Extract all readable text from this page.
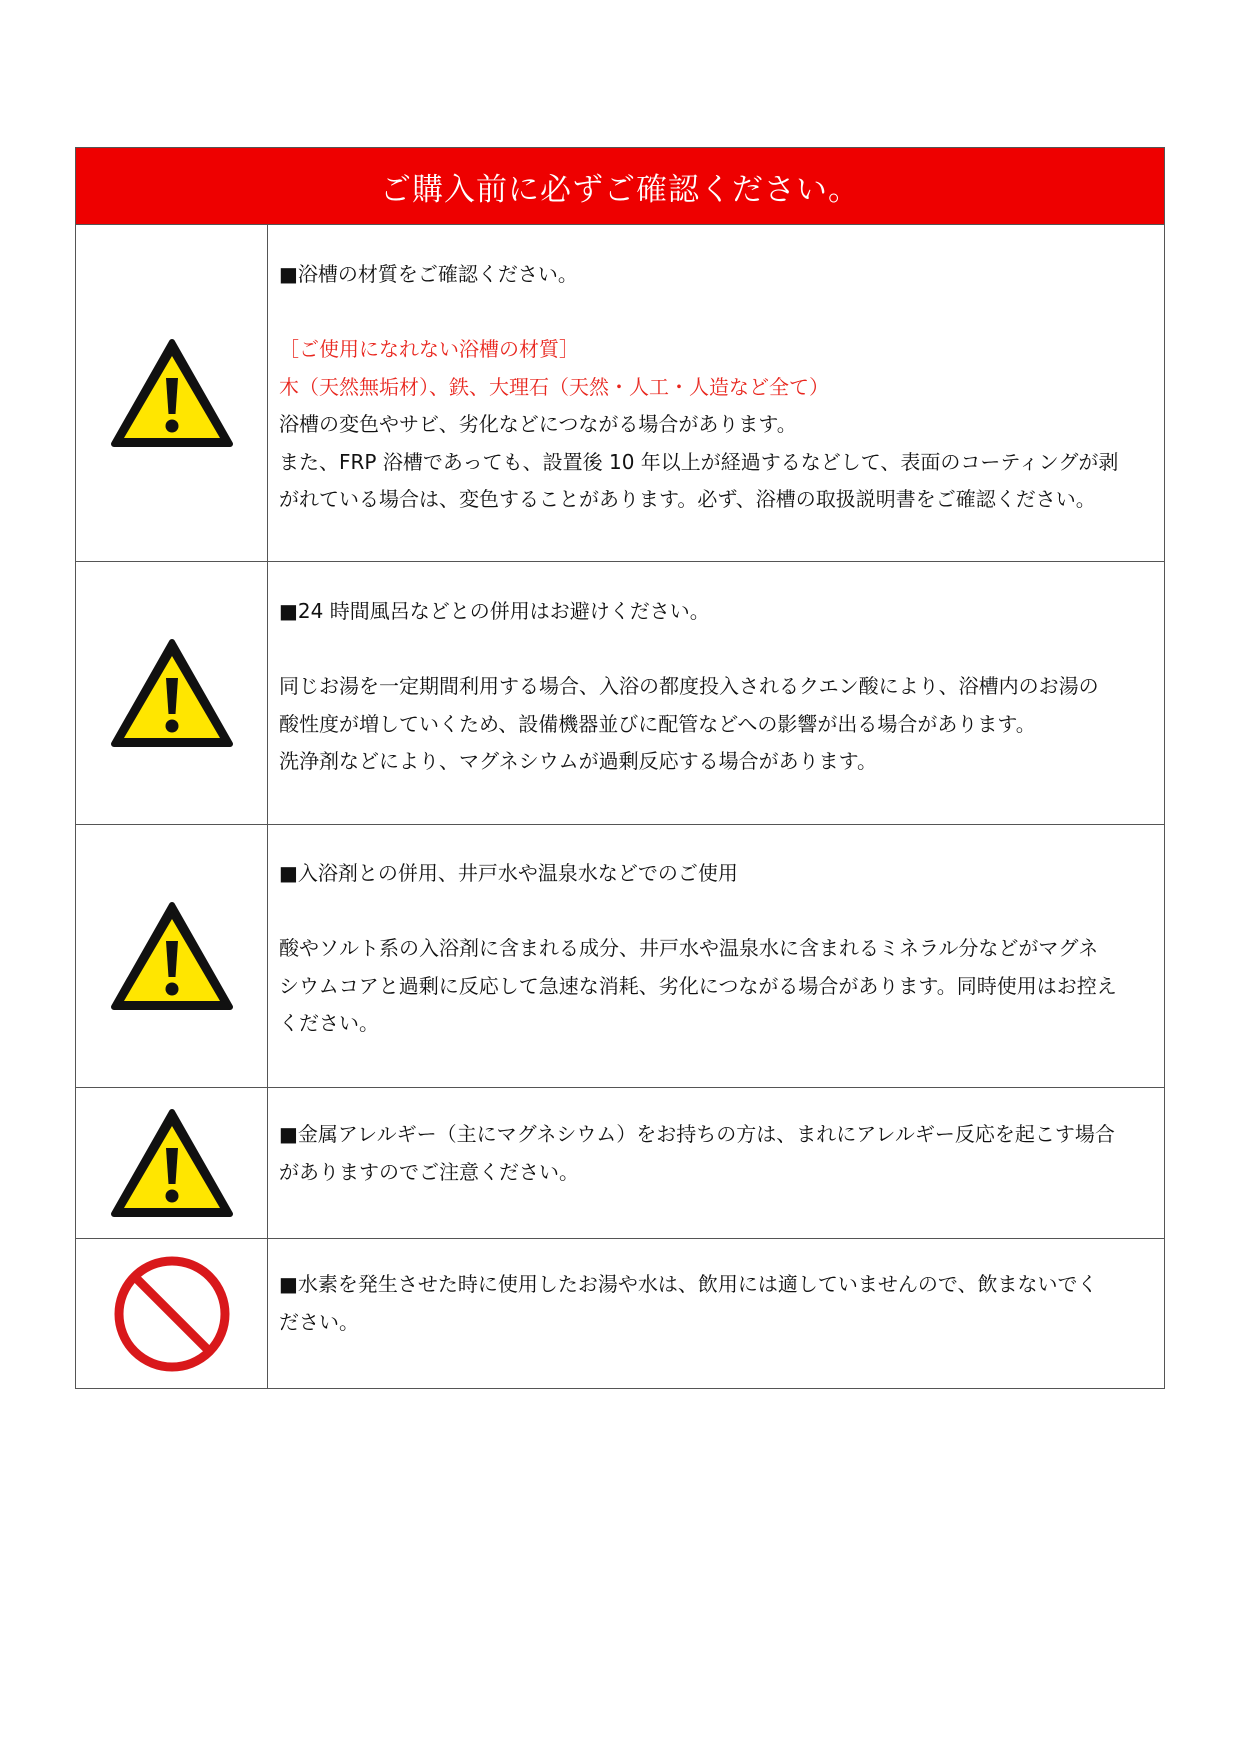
ご購入前に必ずご確認ください。
■浴槽の材質をご確認ください。
［ご使用になれない浴槽の材質］
木（天然無垢材）、鉄、大理石（天然・人工・人造など全て）
浴槽の変色やサビ、劣化などにつながる場合があります。
また、FRP 浴槽であっても、設置後 10 年以上が経過するなどして、表面のコーティングが剥
がれている場合は、変色することがあります。必ず、浴槽の取扱説明書をご確認ください。
■24 時間風呂などとの併用はお避けください。
同じお湯を一定期間利用する場合、入浴の都度投入されるクエン酸により、浴槽内のお湯の
酸性度が増していくため、設備機器並びに配管などへの影響が出る場合があります。
洗浄剤などにより、マグネシウムが過剰反応する場合があります。
■入浴剤との併用、井戸水や温泉水などでのご使用
酸やソルト系の入浴剤に含まれる成分、井戸水や温泉水に含まれるミネラル分などがマグネ
シウムコアと過剰に反応して急速な消耗、劣化につながる場合があります。同時使用はお控え
ください。
■金属アレルギー（主にマグネシウム）をお持ちの方は、まれにアレルギー反応を起こす場合
がありますのでご注意ください。
■水素を発生させた時に使用したお湯や水は、飲用には適していませんので、飲まないでく
ださい。
